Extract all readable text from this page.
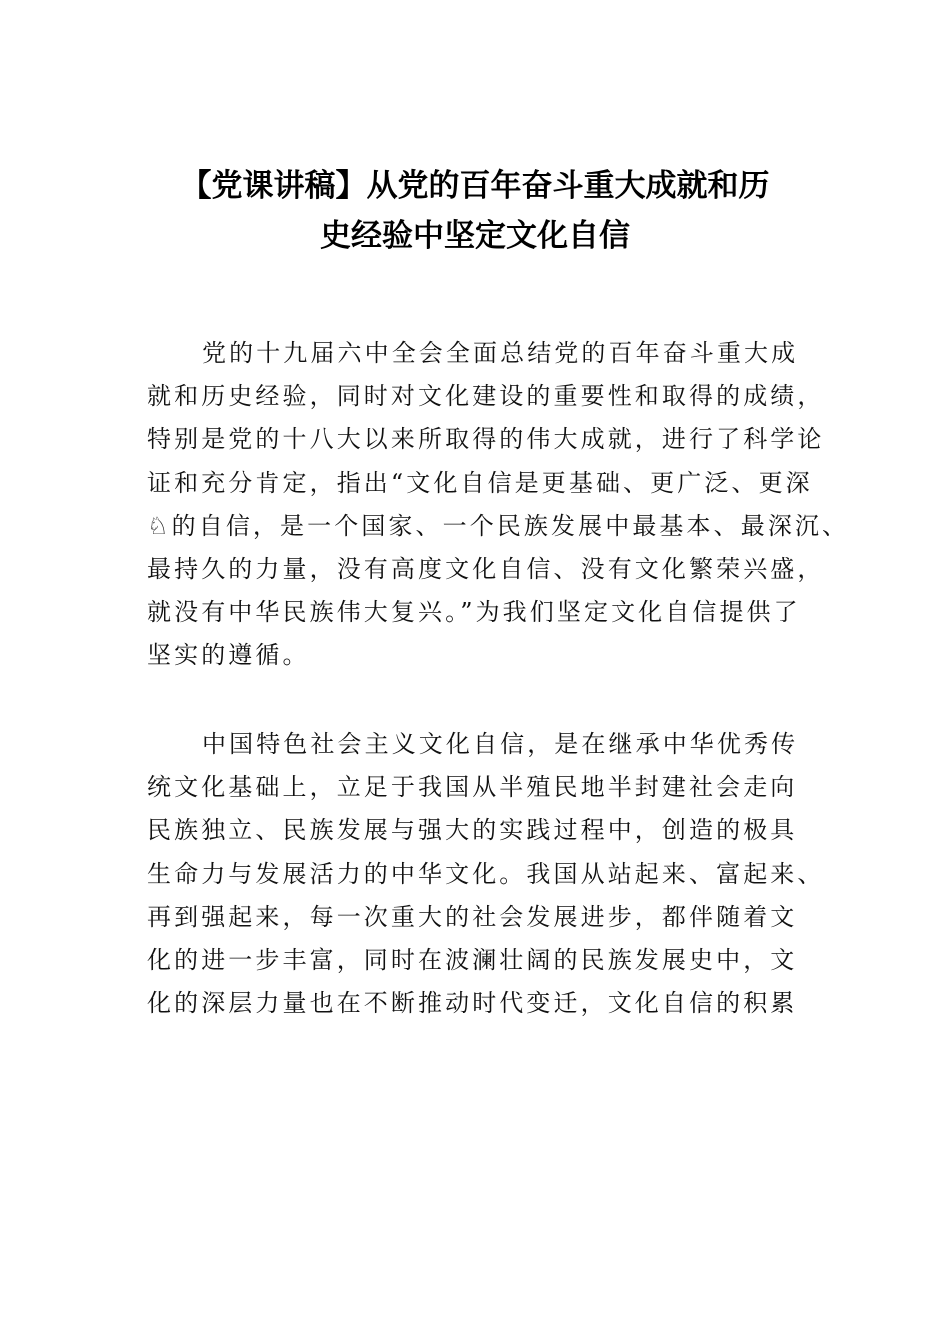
【党课讲稿】从党的百年奋斗重大成就和历
史经验中坚定文化自信
党的十九届六中全会全面总结党的百年奋斗重大成
就和历史经验，同时对文化建设的重要性和取得的成绩，
特别是党的十八大以来所取得的伟大成就，进行了科学论
证和充分肯定，指出“文化自信是更基础、更广泛、更深
♘的自信，是一个国家、一个民族发展中最基本、最深沉、
最持久的力量，没有高度文化自信、没有文化繁荣兴盛，
就没有中华民族伟大复兴。”为我们坚定文化自信提供了
坚实的遵循。
中国特色社会主义文化自信，是在继承中华优秀传
统文化基础上，立足于我国从半殖民地半封建社会走向
民族独立、民族发展与强大的实践过程中，创造的极具
生命力与发展活力的中华文化。我国从站起来、富起来、
再到强起来，每一次重大的社会发展进步，都伴随着文
化的进一步丰富，同时在波澜壮阔的民族发展史中，文
化的深层力量也在不断推动时代变迁，文化自信的积累
